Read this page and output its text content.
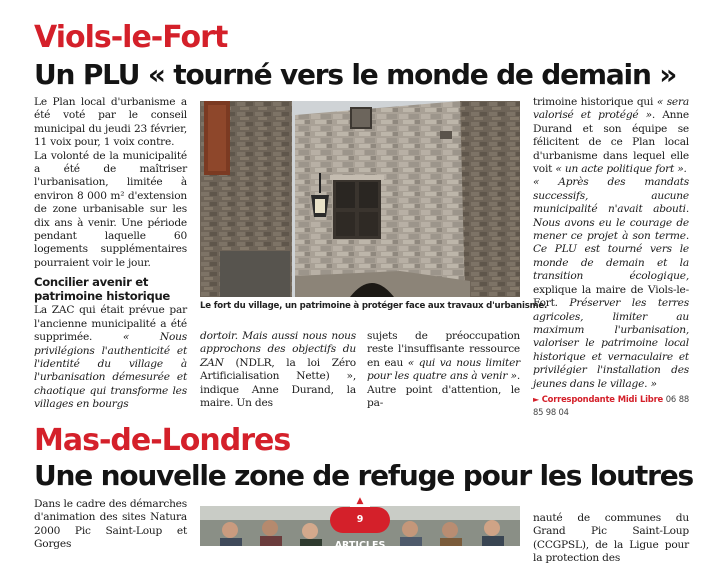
Viols-le-Fort
Un PLU « tourné vers le monde de demain »

Le Plan local d'urbanisme a été voté par le conseil municipal du jeudi 23 février, 11 voix pour, 1 voix contre.

La volonté de la municipalité a été de maîtriser l'urbanisation, limitée à environ 8 000 m² d'extension de zone urbanisable sur les dix ans à venir. Une période pendant laquelle 60 logements supplémentaires pourraient voir le jour.

Concilier avenir et patrimoine historique

La ZAC qui était prévue par l'ancienne municipalité a été supprimée. « Nous privilégions l'authenticité et l'identité du village à l'urbanisation démesurée et chaotique qui transforme les villages en bourgs

Le fort du village, un patrimoine à protéger face aux travaux d'urbanisme.

dortoir. Mais aussi nous nous approchons des objectifs du ZAN (NDLR, la loi Zéro Artificialisation Nette) », indique Anne Durand, la maire. Un des

sujets de préoccupation reste l'insuffisante ressource en eau « qui va nous limiter pour les quatre ans à venir ». Autre point d'attention, le pa-

trimoine historique qui « sera valorisé et protégé ». Anne Durand et son équipe se félicitent de ce Plan local d'urbanisme dans lequel elle voit « un acte politique fort ».

« Après des mandats successifs, aucune municipalité n'avait abouti. Nous avons eu le courage de mener ce projet à son terme. Ce PLU est tourné vers le monde de demain et la transition écologique, explique la maire de Viols-le-Fort. Préserver les terres agricoles, limiter au maximum l'urbanisation, valoriser le patrimoine local historique et vernaculaire et privilégier l'installation des jeunes dans le village. »

► Correspondante Midi Libre 06 88 85 98 04
Mas-de-Londres
Une nouvelle zone de refuge pour les loutres

Dans le cadre des démarches d'animation des sites Natura 2000 Pic Saint-Loup et Gorges

▲
9 ARTICLES

nauté de communes du Grand Pic Saint-Loup (CCGPSL), de la Ligue pour la protection des
